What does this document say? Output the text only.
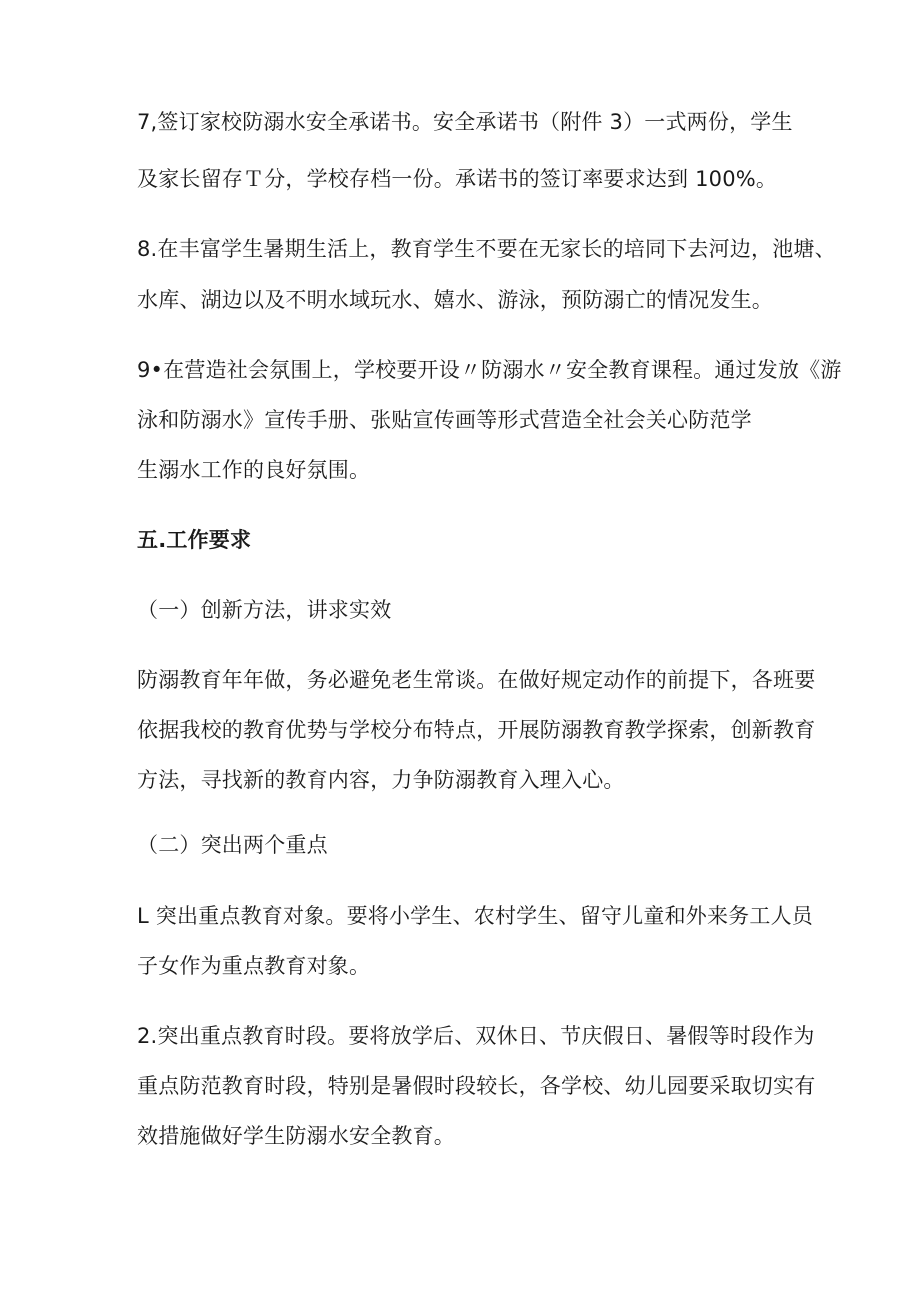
7,签订家校防溺水安全承诺书。安全承诺书（附件 3）一式两份，学生

及家长留存Ｔ分，学校存档一份。承诺书的签订率要求达到 100%。

8.在丰富学生暑期生活上，教育学生不要在无家长的培同下去河边，池塘、

水库、湖边以及不明水域玩水、嬉水、游泳，预防溺亡的情况发生。

9•在营造社会氛围上，学校要开设〃防溺水〃安全教育课程。通过发放《游

泳和防溺水》宣传手册、张贴宣传画等形式营造全社会关心防范学

生溺水工作的良好氛围。

五.工作要求

（一）创新方法，讲求实效

防溺教育年年做，务必避免老生常谈。在做好规定动作的前提下，各班要

依据我校的教育优势与学校分布特点，开展防溺教育教学探索，创新教育

方法，寻找新的教育内容，力争防溺教育入理入心。

（二）突出两个重点

L 突出重点教育对象。要将小学生、农村学生、留守儿童和外来务工人员

子女作为重点教育对象。

2.突出重点教育时段。要将放学后、双休日、节庆假日、暑假等时段作为

重点防范教育时段，特别是暑假时段较长，各学校、幼儿园要采取切实有

效措施做好学生防溺水安全教育。
